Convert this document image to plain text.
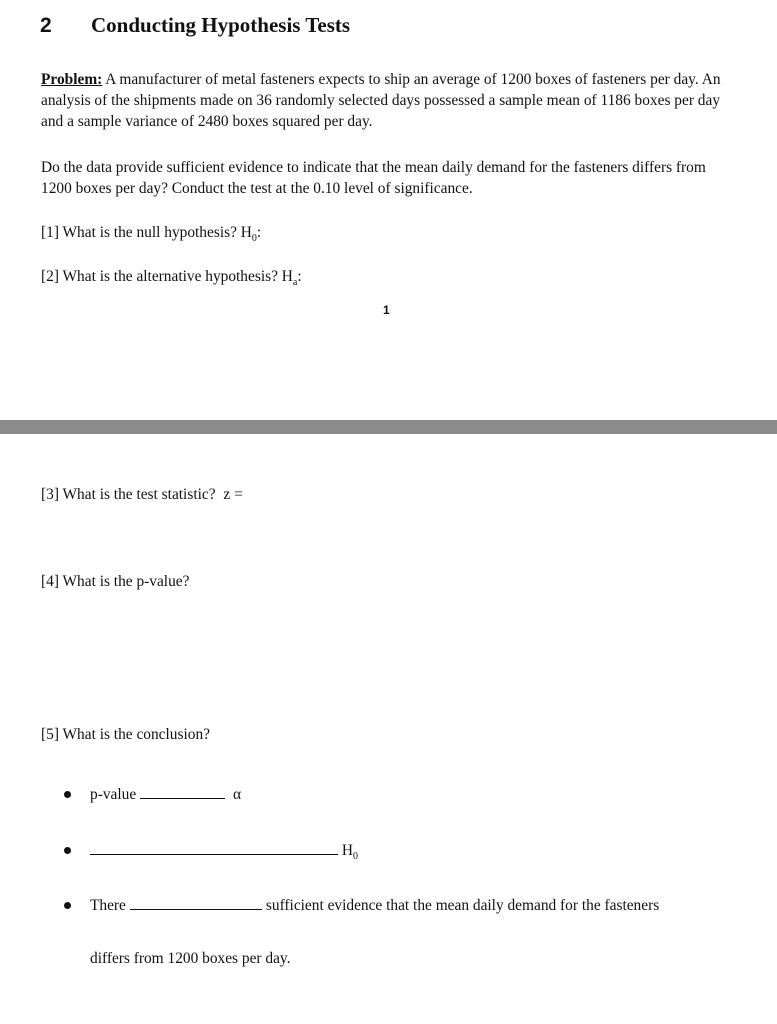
2 Conducting Hypothesis Tests
Problem: A manufacturer of metal fasteners expects to ship an average of 1200 boxes of fasteners per day. An analysis of the shipments made on 36 randomly selected days possessed a sample mean of 1186 boxes per day and a sample variance of 2480 boxes squared per day.
Do the data provide sufficient evidence to indicate that the mean daily demand for the fasteners differs from 1200 boxes per day? Conduct the test at the 0.10 level of significance.
[1] What is the null hypothesis? $H_0$:
[2] What is the alternative hypothesis? $H_a$:
1
[3] What is the test statistic? z =
[4] What is the p-value?
[5] What is the conclusion?
p-value	α
$H_0$
There	sufficient evidence that the mean daily demand for the fasteners
differs from 1200 boxes per day.
